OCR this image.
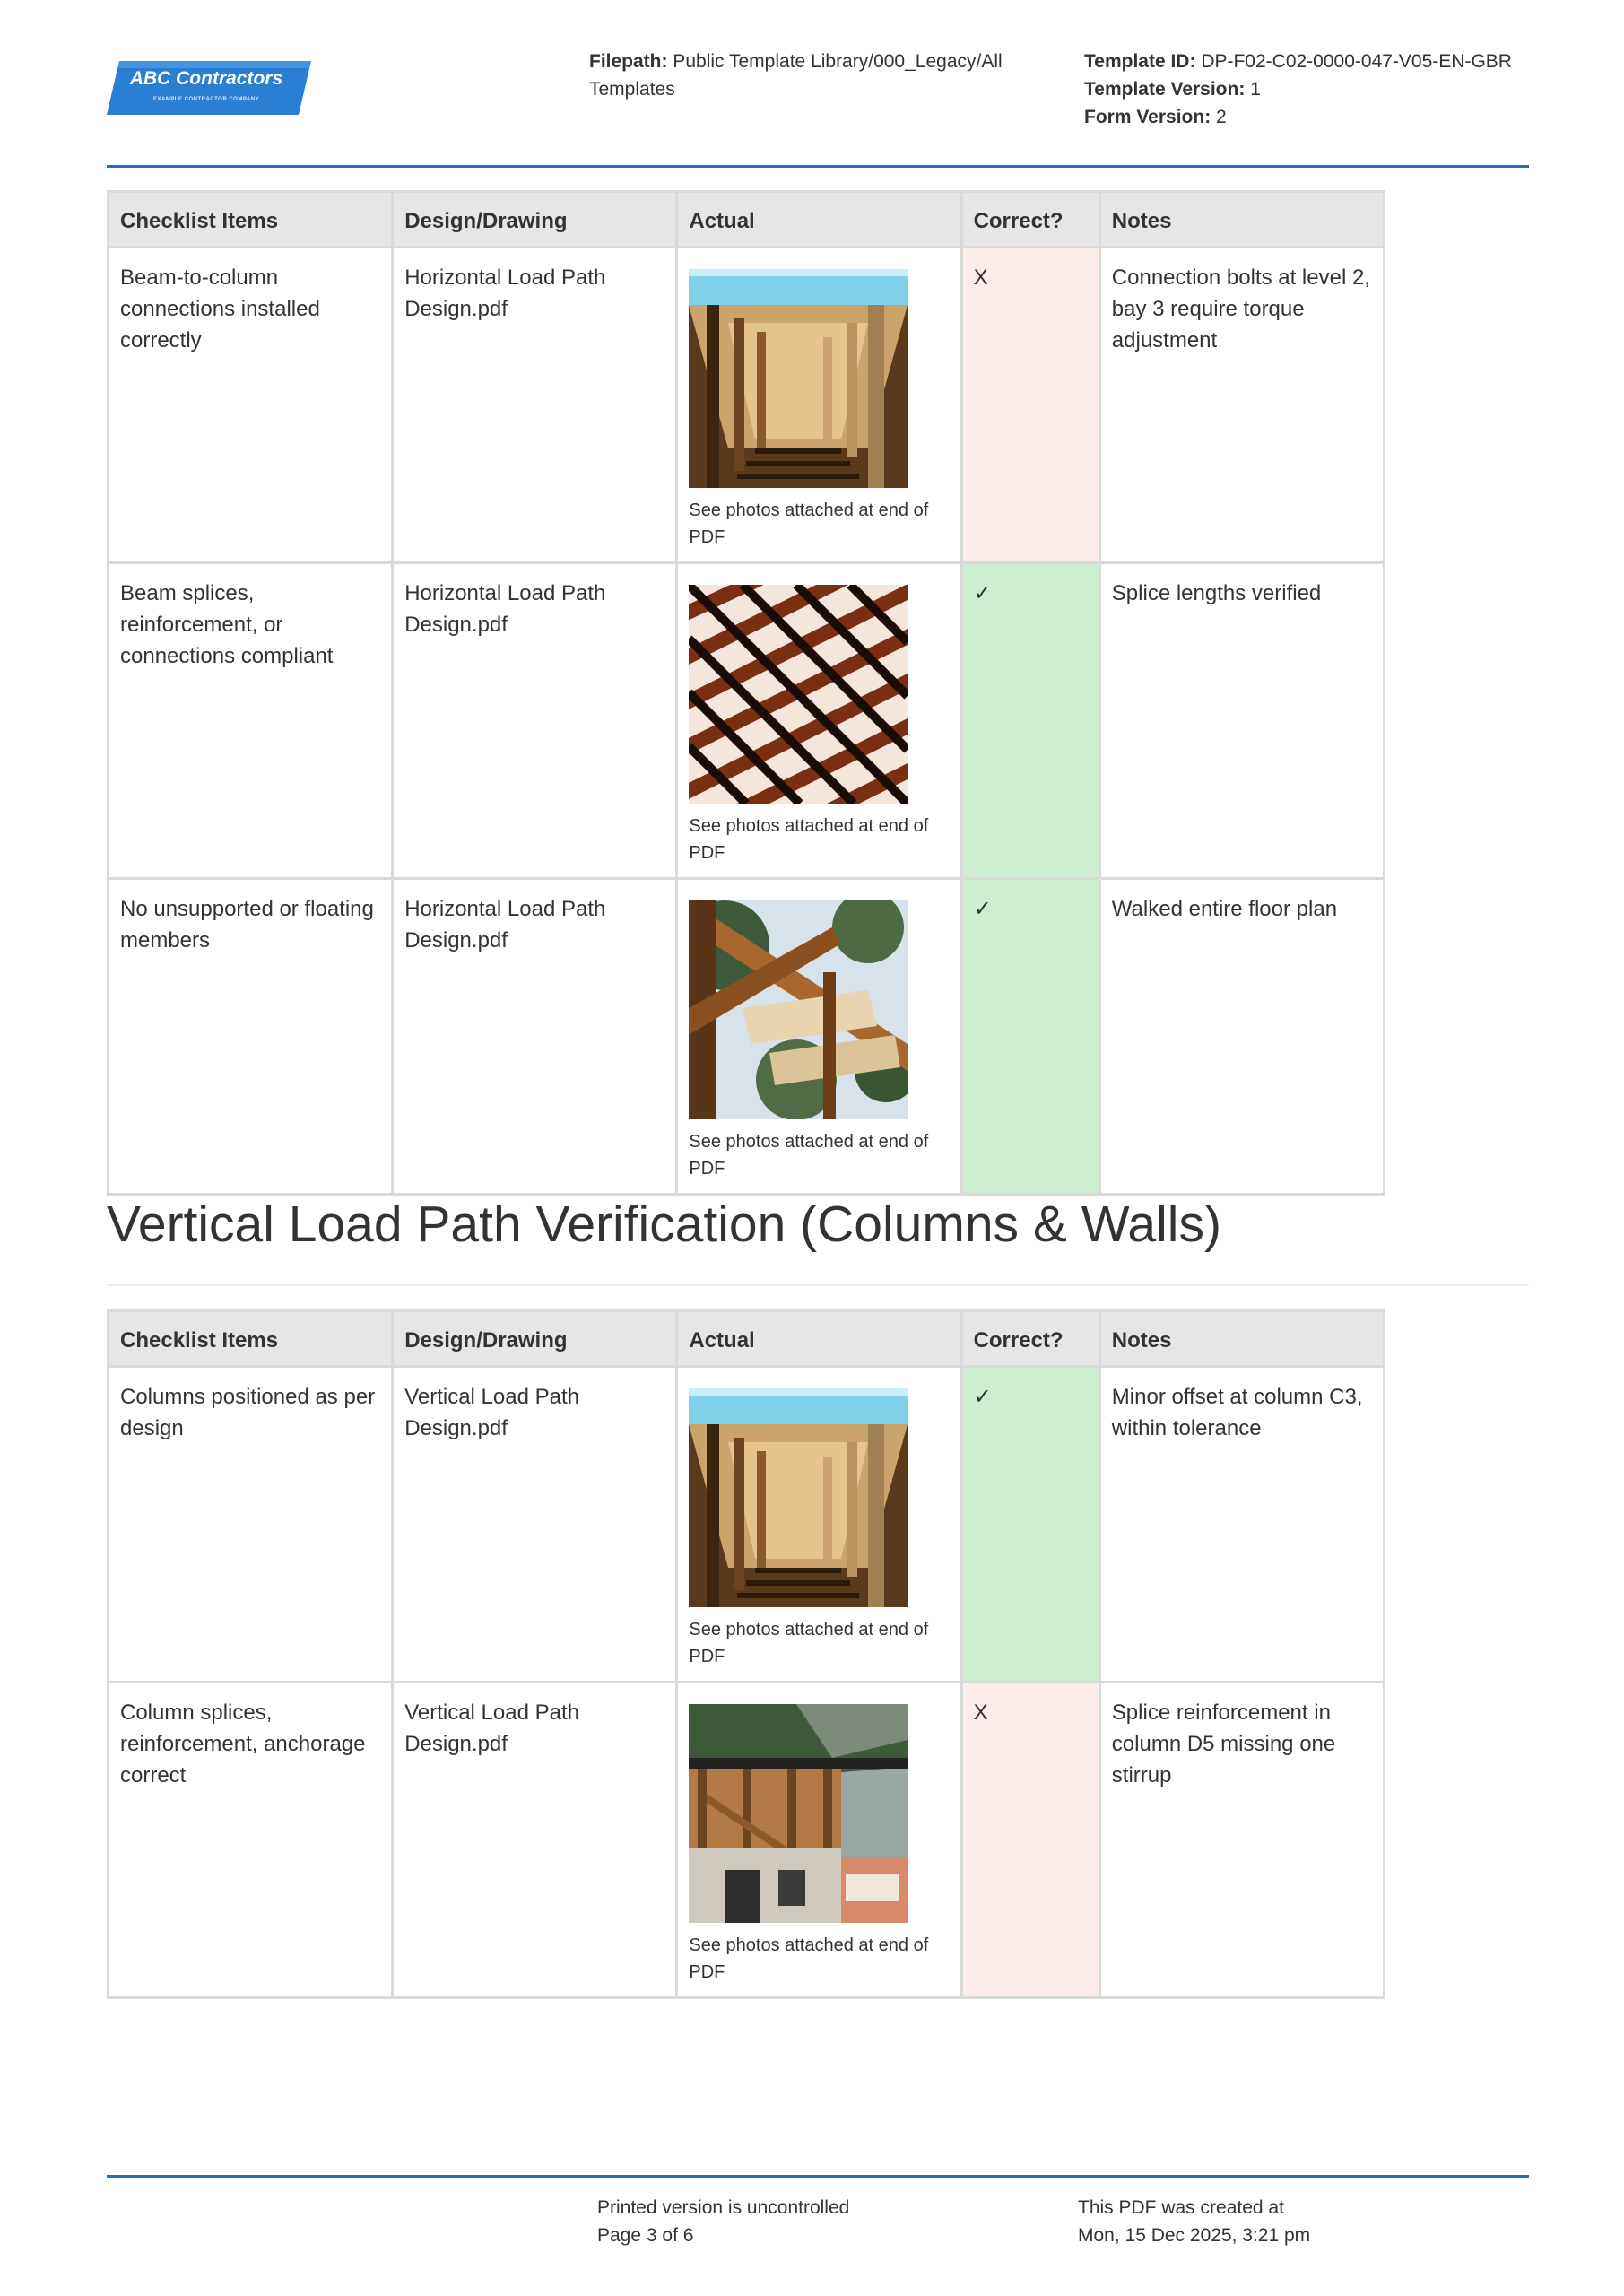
ABC Contractors
EXAMPLE CONTRACTOR COMPANY
Filepath: Public Template Library/000_Legacy/All Templates
Template ID: DP-F02-C02-0000-047-V05-EN-GBR
Template Version: 1
Form Version: 2
Checklist Items	Design/Drawing	Actual	Correct?	Notes
Beam-to-column connections installed correctly	Horizontal Load Path Design.pdf	See photos attached at end of PDF	X	Connection bolts at level 2, bay 3 require torque adjustment
Beam splices, reinforcement, or connections compliant	Horizontal Load Path Design.pdf	See photos attached at end of PDF	✓	Splice lengths verified
No unsupported or floating members	Horizontal Load Path Design.pdf	See photos attached at end of PDF	✓	Walked entire floor plan
Vertical Load Path Verification (Columns & Walls)
Checklist Items	Design/Drawing	Actual	Correct?	Notes
Columns positioned as per design	Vertical Load Path Design.pdf	See photos attached at end of PDF	✓	Minor offset at column C3, within tolerance
Column splices, reinforcement, anchorage correct	Vertical Load Path Design.pdf	See photos attached at end of PDF	X	Splice reinforcement in column D5 missing one stirrup
Printed version is uncontrolled
Page 3 of 6
This PDF was created at
Mon, 15 Dec 2025, 3:21 pm
